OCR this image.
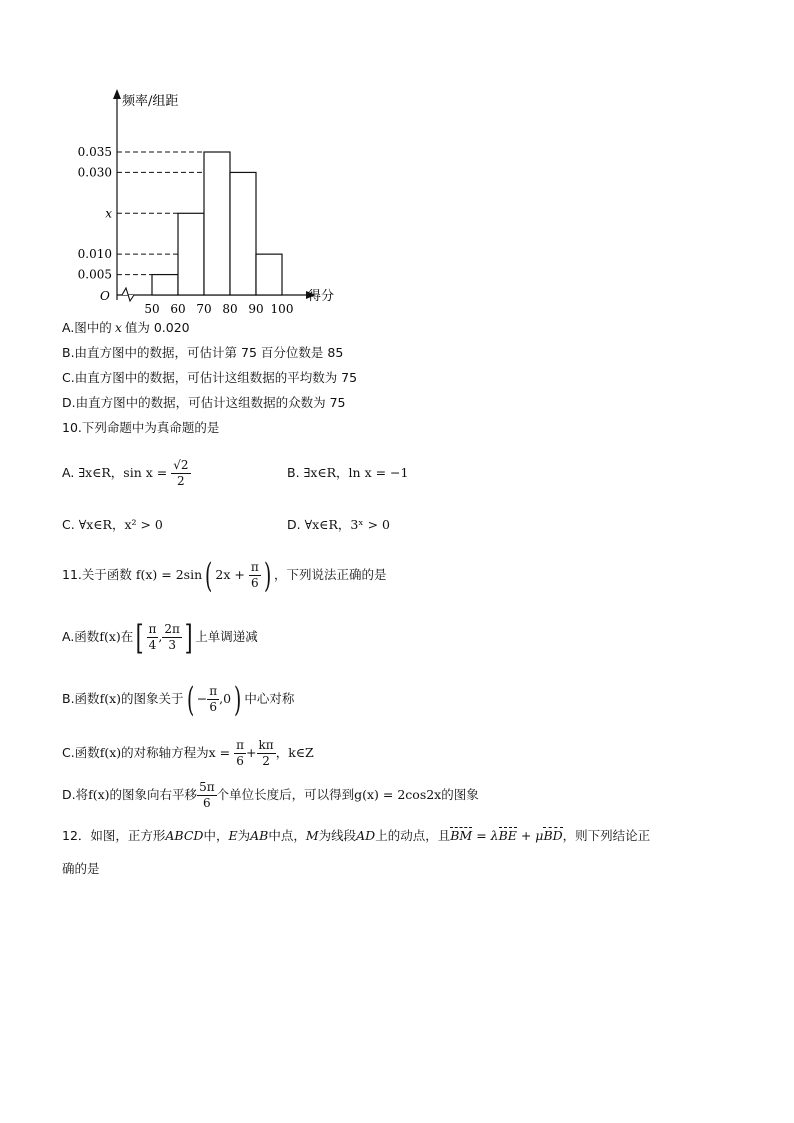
频率/组距
得分
O
0.035
0.030
x
0.010
0.005
50 60 70 80 90 100
A.图中的 x 值为 0.020
B.由直方图中的数据，可估计第 75 百分位数是 85
C.由直方图中的数据，可估计这组数据的平均数为 75
D.由直方图中的数据，可估计这组数据的众数为 75
10.下列命题中为真命题的是
A. ∃x∈R，$\sin x = \frac{√2}{2}$	B. ∃x∈R，ln x = −1
C. ∀x∈R，x² > 0	D. ∀x∈R，3ˣ > 0
11.关于函数 f(x) = 2sin( $2x + \frac{\pi}{6}$ ) ，下列说法正确的是
A.函数f(x)在[ $\frac{\pi}{4}$ , $\frac{2\pi}{3}$ ] 上单调递减
B.函数f(x)的图象关于( − $\frac{\pi}{6} ,0$) 中心对称
C.函数f(x)的对称轴方程为$x = \frac{\pi}{6} + \frac{k\pi}{2}$ ，k∈Z
D.将f(x)的图象向右平移 $\frac{5\pi}{6}$ 个单位长度后，可以得到g(x) = 2cos2x的图象
12．如图，正方形ABCD中，E为AB中点，M为线段AD上的动点，且BM = λBE + μBD，则下列结论正
确的是
